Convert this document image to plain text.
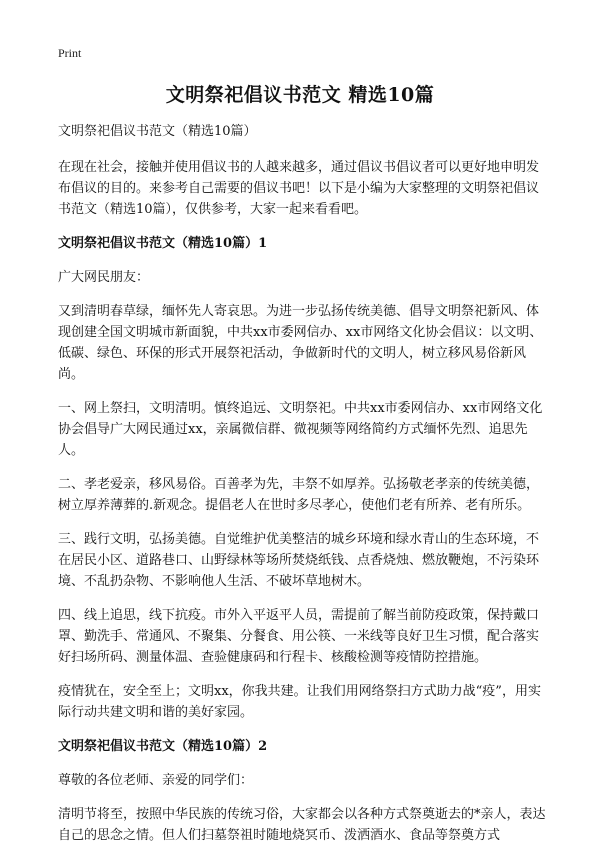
Print
文明祭祀倡议书范文 精选10篇

文明祭祀倡议书范文（精选10篇）

在现在社会，接触并使用倡议书的人越来越多，通过倡议书倡议者可以更好地申明发布倡议的目的。来参考自己需要的倡议书吧！以下是小编为大家整理的文明祭祀倡议书范文（精选10篇），仅供参考，大家一起来看看吧。

文明祭祀倡议书范文（精选10篇）1

广大网民朋友：

又到清明春草绿，缅怀先人寄哀思。为进一步弘扬传统美德、倡导文明祭祀新风、体现创建全国文明城市新面貌，中共xx市委网信办、xx市网络文化协会倡议：以文明、低碳、绿色、环保的形式开展祭祀活动，争做新时代的文明人，树立移风易俗新风尚。

一、网上祭扫，文明清明。慎终追远、文明祭祀。中共xx市委网信办、xx市网络文化协会倡导广大网民通过xx，亲属微信群、微视频等网络简约方式缅怀先烈、追思先人。

二、孝老爱亲，移风易俗。百善孝为先，丰祭不如厚养。弘扬敬老孝亲的传统美德，树立厚养薄葬的.新观念。提倡老人在世时多尽孝心，使他们老有所养、老有所乐。

三、践行文明，弘扬美德。自觉维护优美整洁的城乡环境和绿水青山的生态环境，不在居民小区、道路巷口、山野绿林等场所焚烧纸钱、点香烧烛、燃放鞭炮，不污染环境、不乱扔杂物、不影响他人生活、不破坏草地树木。

四、线上追思，线下抗疫。市外入平返平人员，需提前了解当前防疫政策，保持戴口罩、勤洗手、常通风、不聚集、分餐食、用公筷、一米线等良好卫生习惯，配合落实好扫场所码、测量体温、查验健康码和行程卡、核酸检测等疫情防控措施。

疫情犹在，安全至上；文明xx，你我共建。让我们用网络祭扫方式助力战“疫”，用实际行动共建文明和谐的美好家园。

文明祭祀倡议书范文（精选10篇）2

尊敬的各位老师、亲爱的同学们：

清明节将至，按照中华民族的传统习俗，大家都会以各种方式祭奠逝去的*亲人，表达自己的思念之情。但人们扫墓祭祖时随地烧冥币、泼洒酒水、食品等祭奠方式
